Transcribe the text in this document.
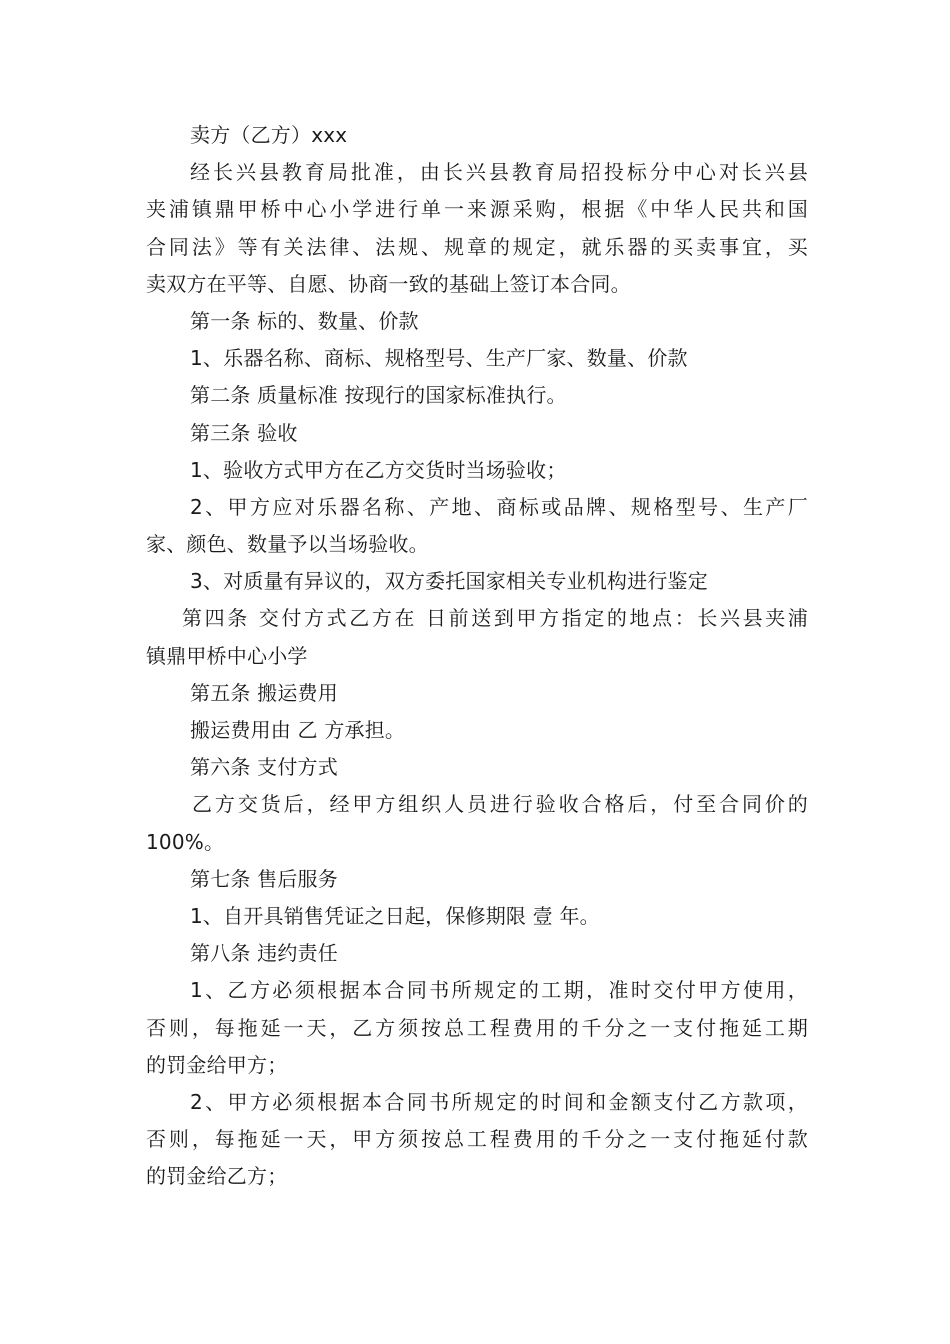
卖方（乙方）xxx
经长兴县教育局批准，由长兴县教育局招投标分中心对长兴县
夹浦镇鼎甲桥中心小学进行单一来源采购，根据《中华人民共和国
合同法》等有关法律、法规、规章的规定，就乐器的买卖事宜，买
卖双方在平等、自愿、协商一致的基础上签订本合同。
第一条 标的、数量、价款
1、乐器名称、商标、规格型号、生产厂家、数量、价款
第二条 质量标准 按现行的国家标准执行。
第三条 验收
1、验收方式甲方在乙方交货时当场验收；
2、甲方应对乐器名称、产地、商标或品牌、规格型号、生产厂
家、颜色、数量予以当场验收。
3、对质量有异议的，双方委托国家相关专业机构进行鉴定
第四条 交付方式乙方在 日前送到甲方指定的地点：长兴县夹浦
镇鼎甲桥中心小学
第五条 搬运费用
搬运费用由 乙 方承担。
第六条 支付方式
乙方交货后，经甲方组织人员进行验收合格后，付至合同价的
100%。
第七条 售后服务
1、自开具销售凭证之日起，保修期限 壹 年。
第八条 违约责任
1、乙方必须根据本合同书所规定的工期，准时交付甲方使用，
否则，每拖延一天，乙方须按总工程费用的千分之一支付拖延工期
的罚金给甲方；
2、甲方必须根据本合同书所规定的时间和金额支付乙方款项，
否则，每拖延一天，甲方须按总工程费用的千分之一支付拖延付款
的罚金给乙方；
